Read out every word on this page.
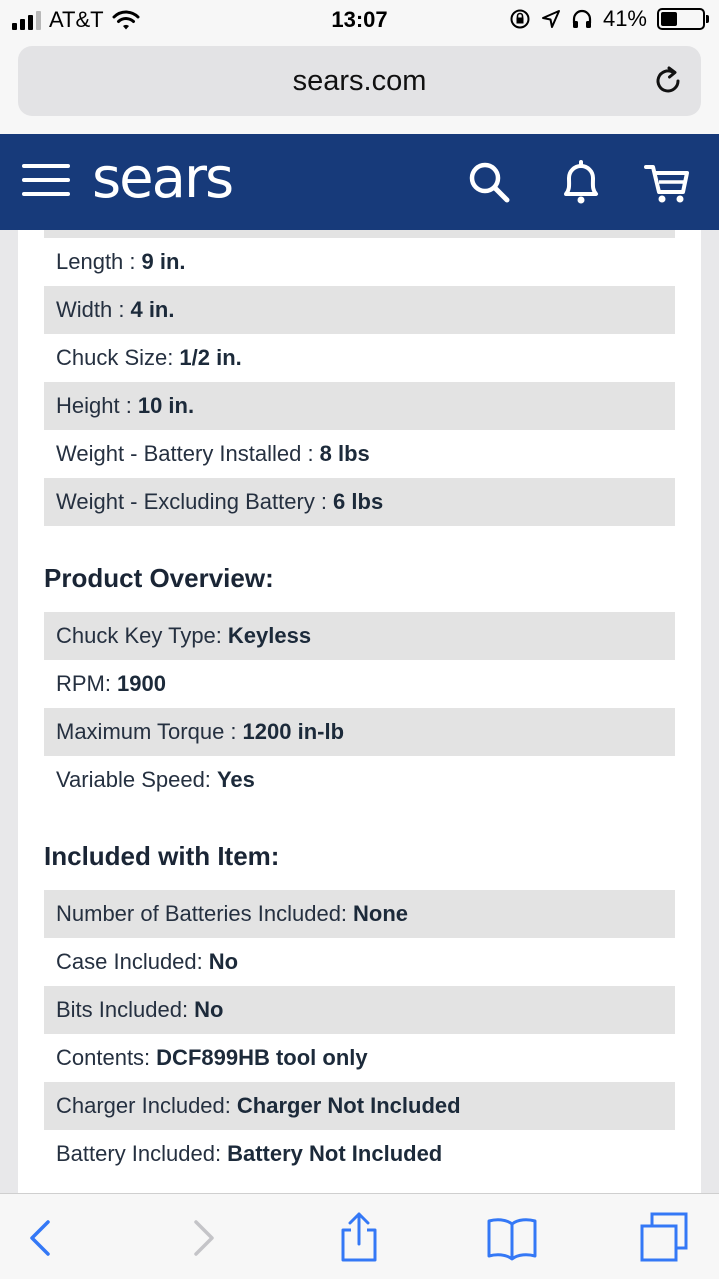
AT&T	13:07	41%
sears.com
sears
Length : 9 in.
Width : 4 in.
Chuck Size: 1/2 in.
Height : 10 in.
Weight - Battery Installed : 8 lbs
Weight - Excluding Battery : 6 lbs
Product Overview:
Chuck Key Type: Keyless
RPM: 1900
Maximum Torque : 1200 in-lb
Variable Speed: Yes
Included with Item:
Number of Batteries Included: None
Case Included: No
Bits Included: No
Contents: DCF899HB tool only
Charger Included: Charger Not Included
Battery Included: Battery Not Included
